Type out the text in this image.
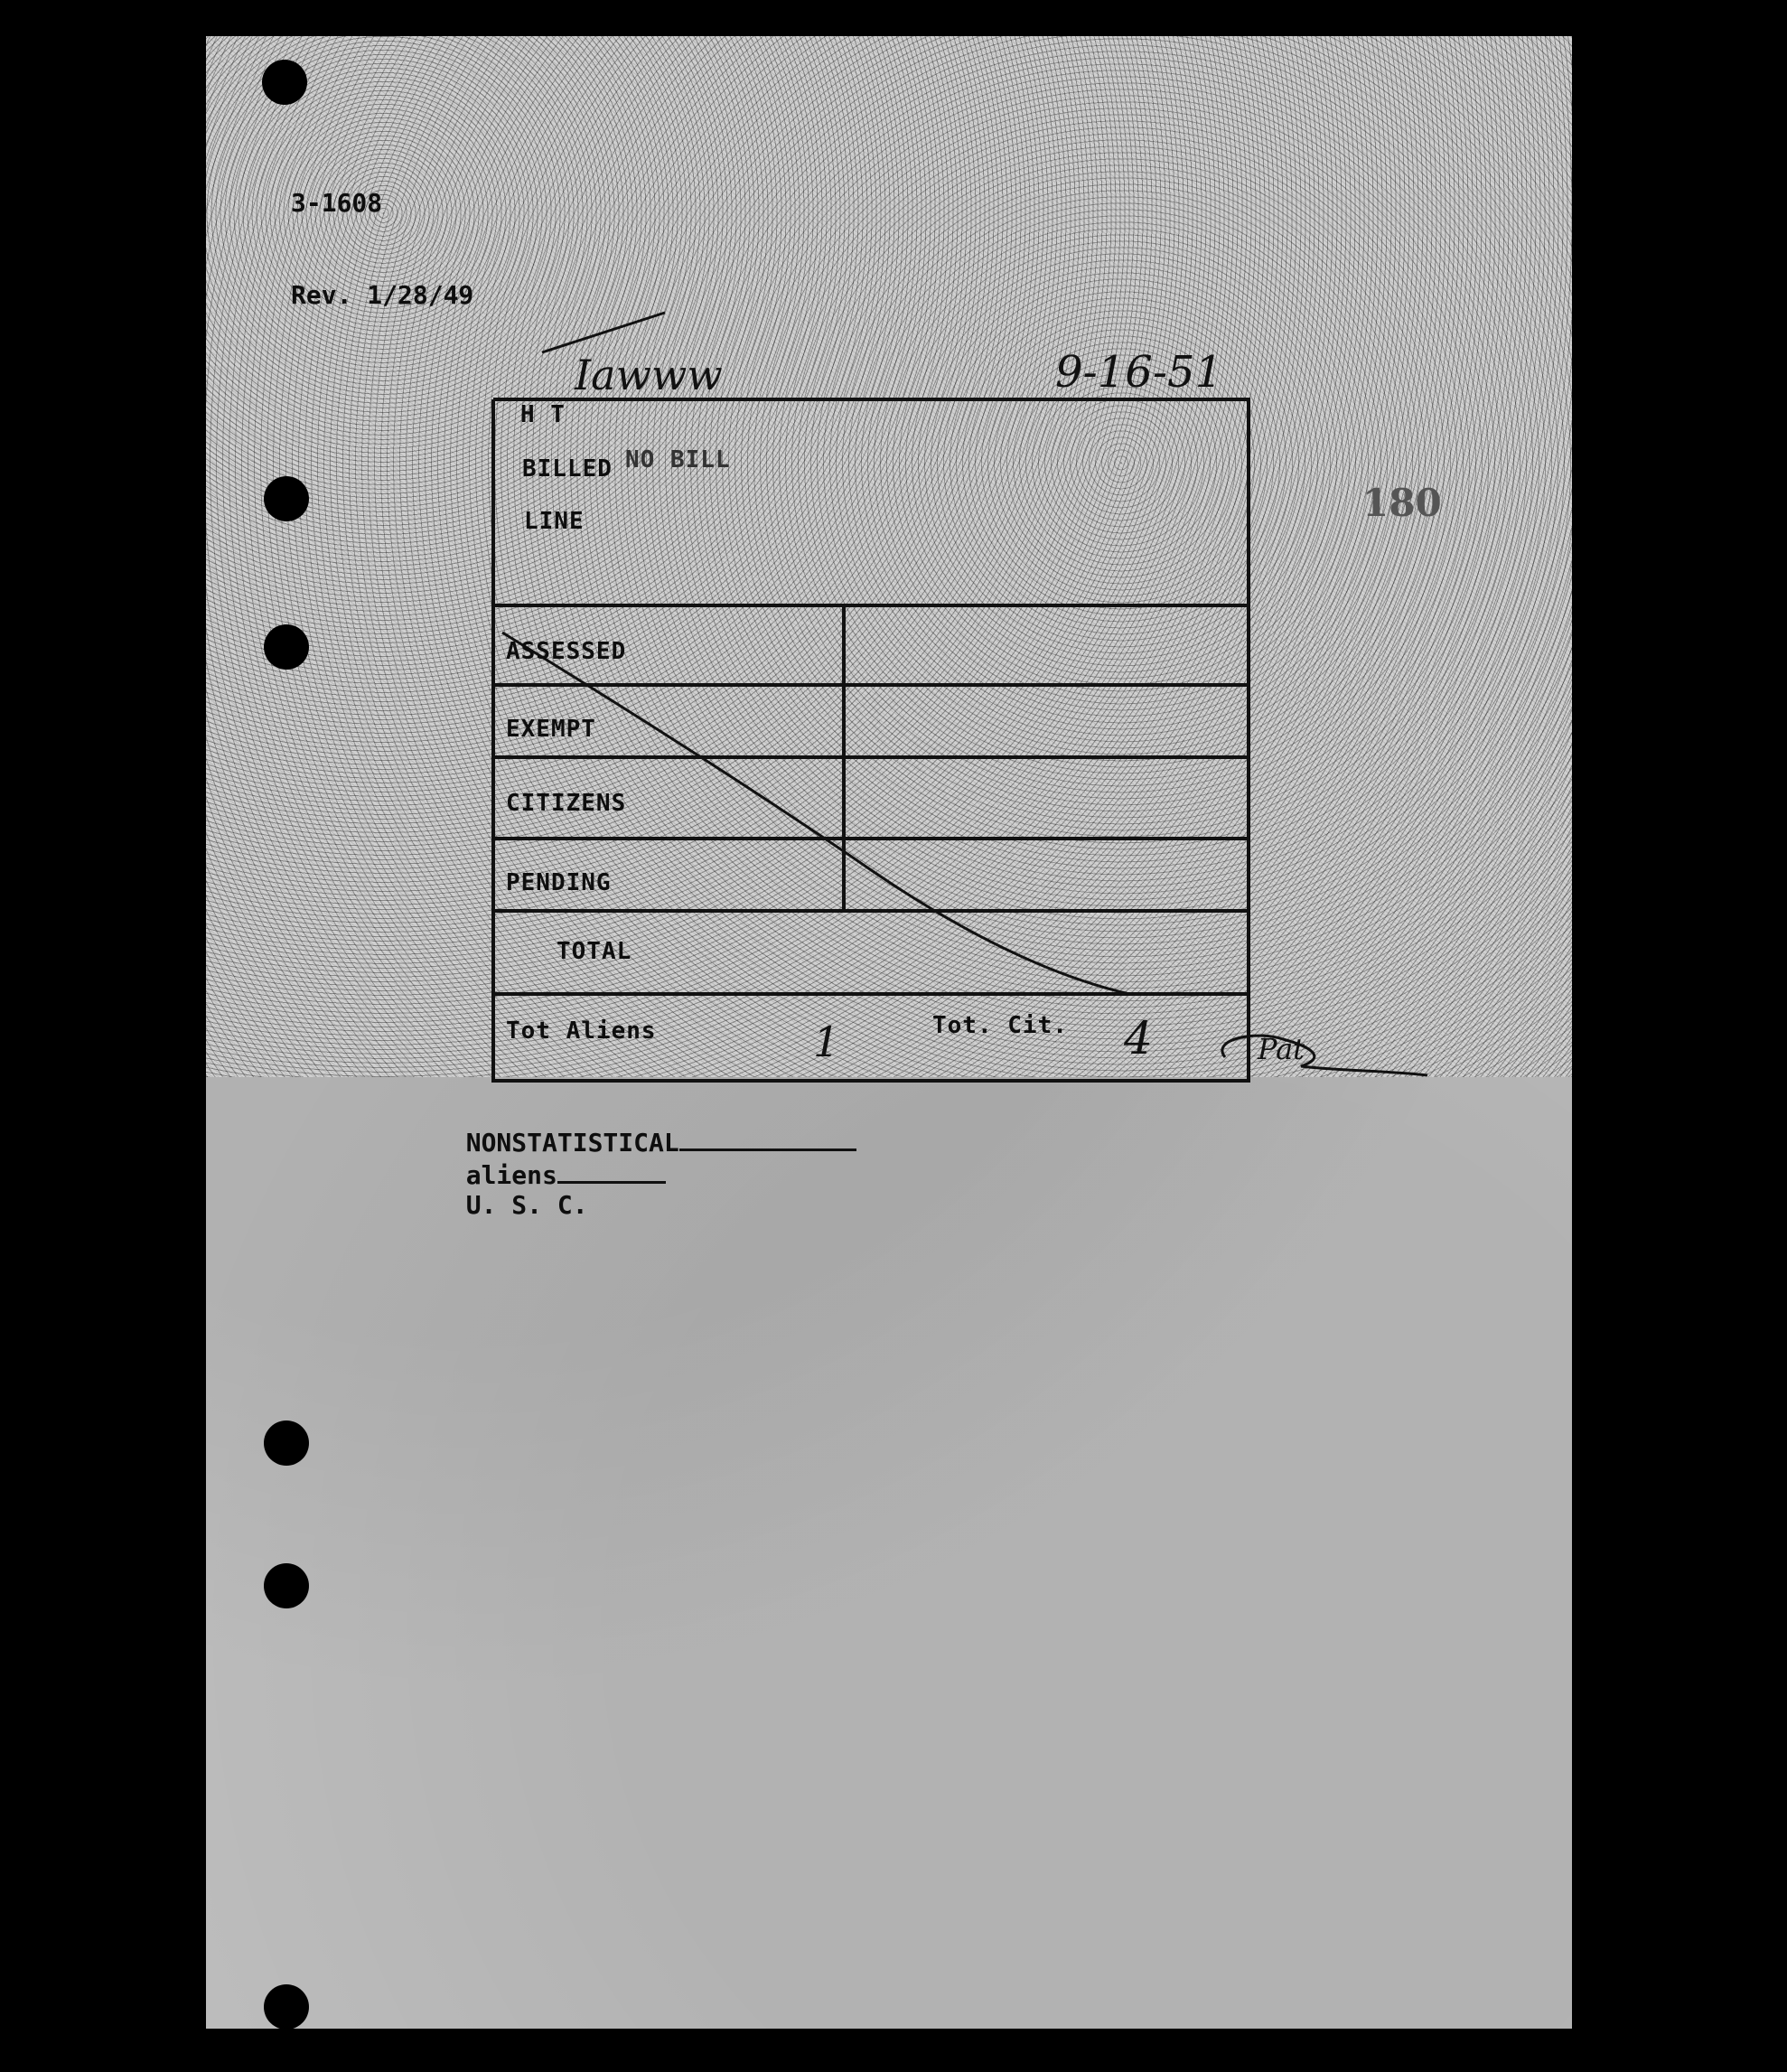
3-1608

Rev. 1/28/49

Iawww	9-16-51
180
H T
BILLED NO BILL
LINE
ASSESSED
EXEMPT
CITIZENS
PENDING
TOTAL
Tot Aliens	1	Tot. Cit. 4	Pat

NONSTATISTICAL
aliens
U. S. C.
